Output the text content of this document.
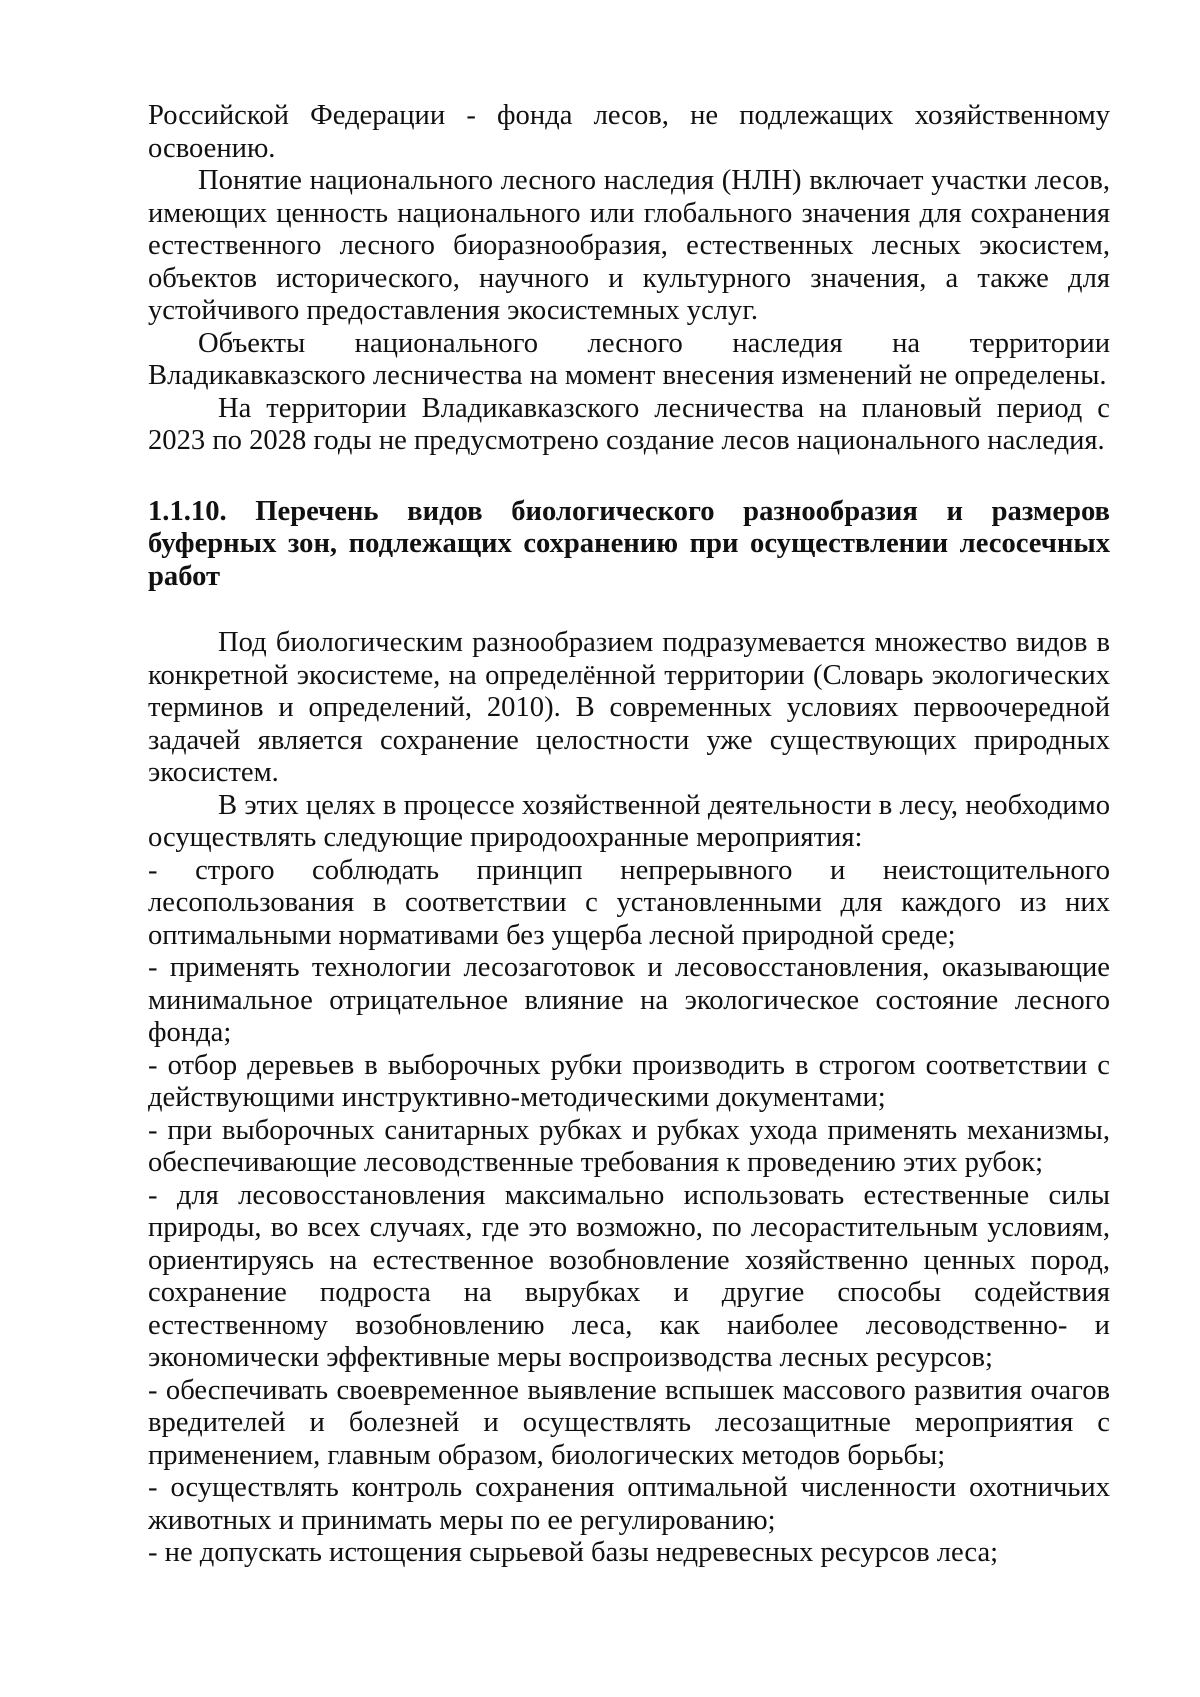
Российской Федерации - фонда лесов, не подлежащих хозяйственному освоению.

Понятие национального лесного наследия (НЛН) включает участки лесов, имеющих ценность национального или глобального значения для сохранения естественного лесного биоразнообразия, естественных лесных экосистем, объектов исторического, научного и культурного значения, а также для устойчивого предоставления экосистемных услуг.

Объекты национального лесного наследия на территории Владикавказского лесничества на момент внесения изменений не определены.

На территории Владикавказского лесничества на плановый период с 2023 по 2028 годы не предусмотрено создание лесов национального наследия.

1.1.10. Перечень видов биологического разнообразия и размеров буферных зон, подлежащих сохранению при осуществлении лесосечных работ

Под биологическим разнообразием подразумевается множество видов в конкретной экосистеме, на определённой территории (Словарь экологических терминов и определений, 2010). В современных условиях первоочередной задачей является сохранение целостности уже существующих природных экосистем.

В этих целях в процессе хозяйственной деятельности в лесу, необходимо осуществлять следующие природоохранные мероприятия:

- строго соблюдать принцип непрерывного и неистощительного лесопользования в соответствии с установленными для каждого из них оптимальными нормативами без ущерба лесной природной среде;

- применять технологии лесозаготовок и лесовосстановления, оказывающие минимальное отрицательное влияние на экологическое состояние лесного фонда;

- отбор деревьев в выборочных рубки производить в строгом соответствии с действующими инструктивно-методическими документами;

- при выборочных санитарных рубках и рубках ухода применять механизмы, обеспечивающие лесоводственные требования к проведению этих рубок;

- для лесовосстановления максимально использовать естественные силы природы, во всех случаях, где это возможно, по лесорастительным условиям, ориентируясь на естественное возобновление хозяйственно ценных пород, сохранение подроста на вырубках и другие способы содействия естественному возобновлению леса, как наиболее лесоводственно- и экономически эффективные меры воспроизводства лесных ресурсов;

- обеспечивать своевременное выявление вспышек массового развития очагов вредителей и болезней и осуществлять лесозащитные мероприятия с применением, главным образом, биологических методов борьбы;

- осуществлять контроль сохранения оптимальной численности охотничьих животных и принимать меры по ее регулированию;

- не допускать истощения сырьевой базы недревесных ресурсов леса;
